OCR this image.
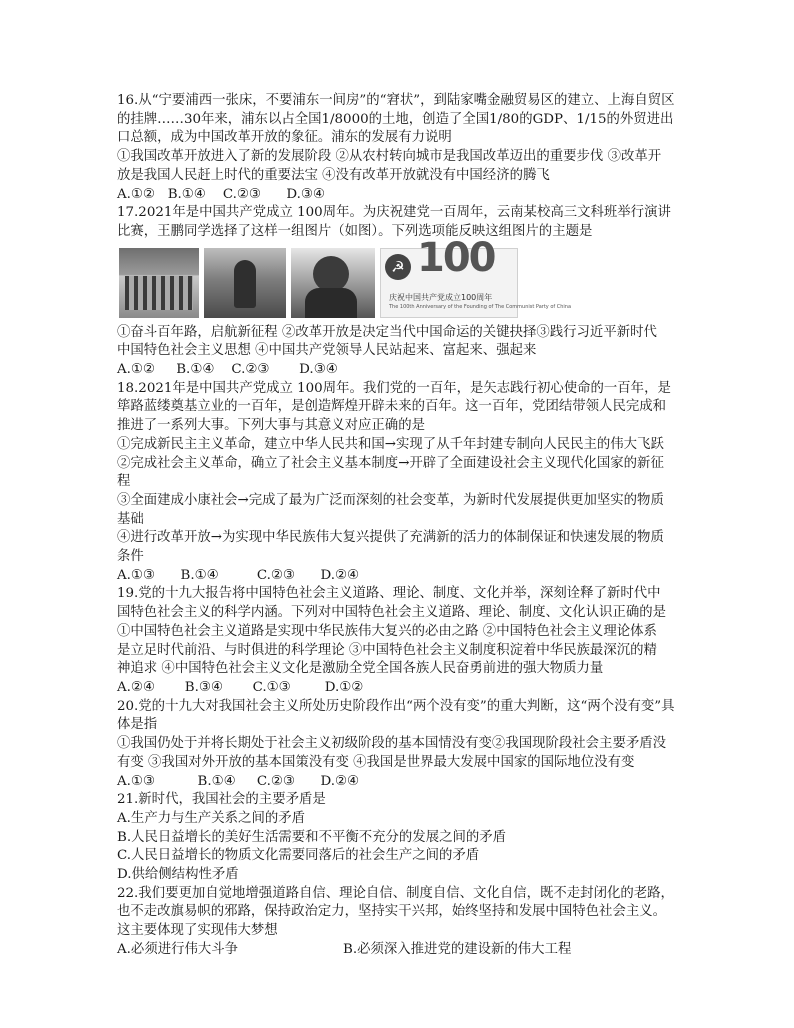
16.从“宁要浦西一张床，不要浦东一间房”的“窘状”，到陆家嘴金融贸易区的建立、上海自贸区
的挂牌……30年来，浦东以占全国1/8000的土地，创造了全国1/80的GDP、1/15的外贸进出
口总额，成为中国改革开放的象征。浦东的发展有力说明
①我国改革开放进入了新的发展阶段 ②从农村转向城市是我国改革迈出的重要步伐 ③改革开
放是我国人民赶上时代的重要法宝 ④没有改革开放就没有中国经济的腾飞
A.①②   B.①④    C.②③      D.③④
17.2021年是中国共产党成立 100周年。为庆祝建党一百周年，云南某校高三文科班举行演讲
比赛，王鹏同学选择了这样一组图片（如图）。下列选项能反映这组图片的主题是
☭ 100
庆祝中国共产党成立100周年
The 100th Anniversary of the Founding of The Communist Party of China
①奋斗百年路，启航新征程 ②改革开放是决定当代中国命运的关键抉择③践行习近平新时代
中国特色社会主义思想 ④中国共产党领导人民站起来、富起来、强起来
A.①②     B.①④    C.②③       D.③④
18.2021年是中国共产党成立 100周年。我们党的一百年，是矢志践行初心使命的一百年，是
筚路蓝缕奠基立业的一百年，是创造辉煌开辟未来的百年。这一百年，党团结带领人民完成和
推进了一系列大事。下列大事与其意义对应正确的是
①完成新民主主义革命，建立中华人民共和国→实现了从千年封建专制向人民民主的伟大飞跃
②完成社会主义革命，确立了社会主义基本制度→开辟了全面建设社会主义现代化国家的新征
程
③全面建成小康社会→完成了最为广泛而深刻的社会变革，为新时代发展提供更加坚实的物质
基础
④进行改革开放→为实现中华民族伟大复兴提供了充满新的活力的体制保证和快速发展的物质
条件
A.①③      B.①④         C.②③      D.②④
19.党的十九大报告将中国特色社会主义道路、理论、制度、文化并举，深刻诠释了新时代中
国特色社会主义的科学内涵。下列对中国特色社会主义道路、理论、制度、文化认识正确的是
①中国特色社会主义道路是实现中华民族伟大复兴的必由之路 ②中国特色社会主义理论体系
是立足时代前沿、与时俱进的科学理论 ③中国特色社会主义制度积淀着中华民族最深沉的精
神追求 ④中国特色社会主义文化是激励全党全国各族人民奋勇前进的强大物质力量
A.②④       B.③④       C.①③        D.①②
20.党的十九大对我国社会主义所处历史阶段作出“两个没有变”的重大判断，这“两个没有变”具
体是指
①我国仍处于并将长期处于社会主义初级阶段的基本国情没有变②我国现阶段社会主要矛盾没
有变 ③我国对外开放的基本国策没有变 ④我国是世界最大发展中国家的国际地位没有变
A.①③          B.①④     C.②③      D.②④
21.新时代，我国社会的主要矛盾是
A.生产力与生产关系之间的矛盾
B.人民日益增长的美好生活需要和不平衡不充分的发展之间的矛盾
C.人民日益增长的物质文化需要同落后的社会生产之间的矛盾
D.供给侧结构性矛盾
22.我们要更加自觉地增强道路自信、理论自信、制度自信、文化自信，既不走封闭化的老路，
也不走改旗易帜的邪路，保持政治定力，坚持实干兴邦，始终坚持和发展中国特色社会主义。
这主要体现了实现伟大梦想
A.必须进行伟大斗争	B.必须深入推进党的建设新的伟大工程
